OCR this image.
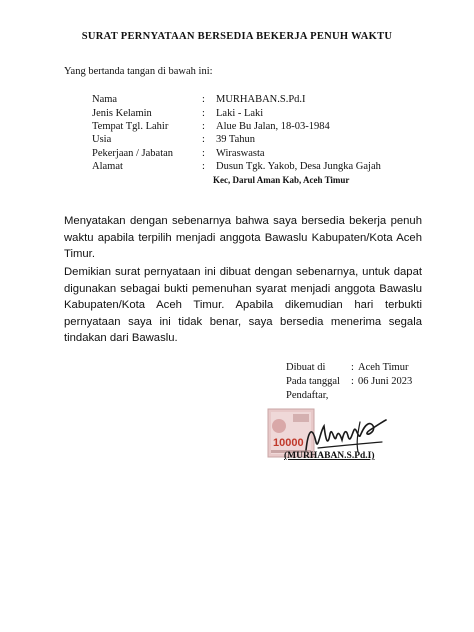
SURAT PERNYATAAN BERSEDIA BEKERJA PENUH WAKTU
Yang bertanda tangan di bawah ini:
Nama	: MURHABAN.S.Pd.I
Jenis Kelamin	: Laki - Laki
Tempat Tgl. Lahir	: Alue Bu Jalan, 18-03-1984
Usia	: 39 Tahun
Pekerjaan / Jabatan	: Wiraswasta
Alamat	: Dusun Tgk. Yakob, Desa Jungka Gajah
Kec, Darul Aman Kab, Aceh Timur
Menyatakan dengan sebenarnya bahwa saya bersedia bekerja penuh waktu apabila terpilih menjadi anggota Bawaslu Kabupaten/Kota Aceh Timur.
Demikian surat pernyataan ini dibuat dengan sebenarnya, untuk dapat digunakan sebagai bukti pemenuhan syarat menjadi anggota Bawaslu Kabupaten/Kota Aceh Timur. Apabila dikemudian hari terbukti pernyataan saya ini tidak benar, saya bersedia menerima segala tindakan dari Bawaslu.
Dibuat di : Aceh Timur
Pada tanggal : 06 Juni 2023
Pendaftar,
10000
(MURHABAN.S.Pd.I)
